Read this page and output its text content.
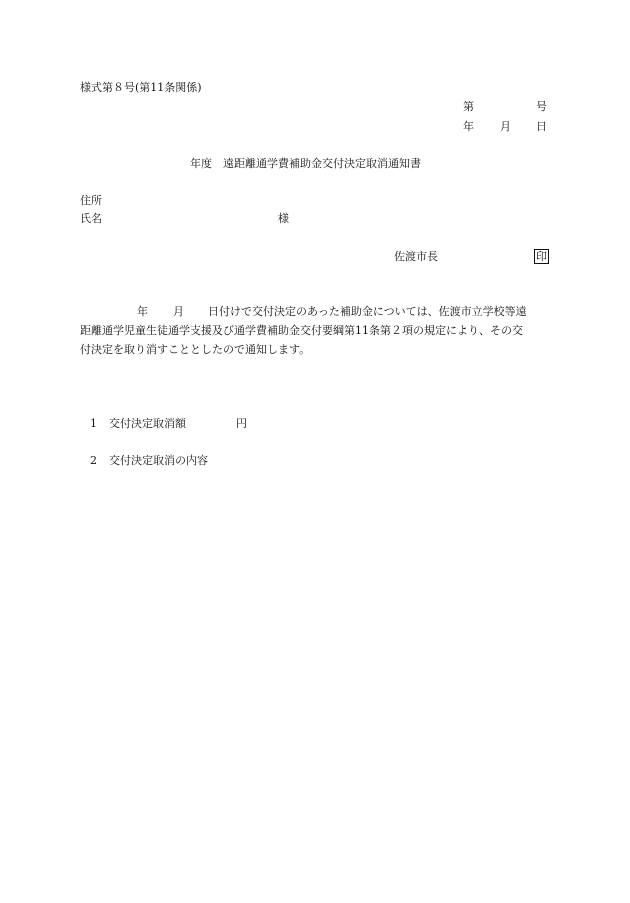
様式第８号(第11条関係)
第	号
年 月 日
年度　遠距離通学費補助金交付決定取消通知書
住所
氏名	様
佐渡市長	印
年 月 日付けで交付決定のあった補助金については、佐渡市立学校等遠
距離通学児童生徒通学支援及び通学費補助金交付要綱第11条第２項の規定により、その交
付決定を取り消すこととしたので通知します。
1 交付決定取消額	円
2 交付決定取消の内容
